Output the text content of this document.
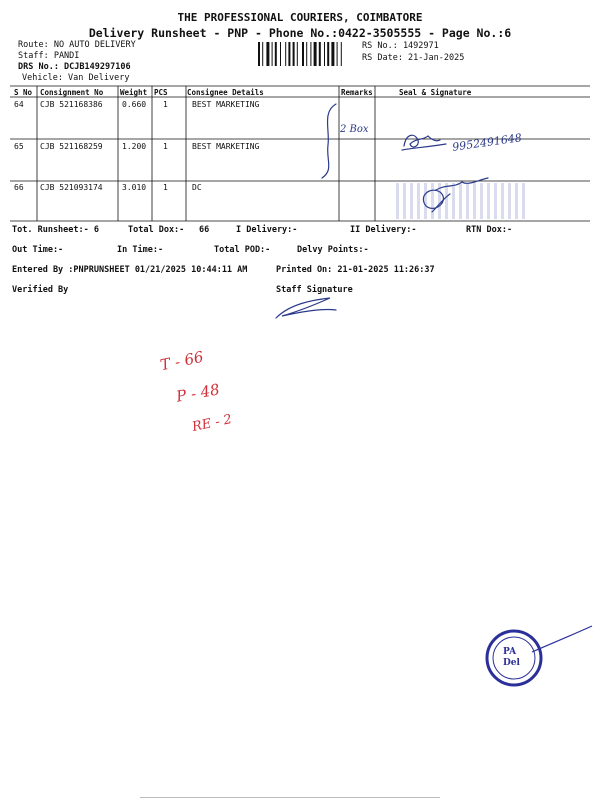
THE PROFESSIONAL COURIERS, COIMBATORE
Delivery Runsheet - PNP - Phone No.:0422-3505555 - Page No.:6
Route: NO AUTO DELIVERY
Staff: PANDI
DRS No.: DCJB149297106
Vehicle: Van Delivery
RS No.: 1492971
RS Date: 21-Jan-2025
S No Consignment No Weight PCS	Consignee Details	Remarks	Seal & Signature
64 CJB 521168386 0.660 1	BEST MARKETING
65 CJB 521168259 1.200 1	BEST MARKETING
66 CJB 521093174 3.010 1	DC
2 Box
9952491648
Tot. Runsheet:- 6	Total Dox:- 66	I Delivery:-	II Delivery:-	RTN Dox:-
Out Time:-	In Time:-	Total POD:-	Delvy Points:-
Entered By :PNPRUNSHEET 01/21/2025 10:44:11 AM	Printed On: 21-01-2025 11:26:37
Verified By	Staff Signature
T - 66
P - 48
RE - 2
PA
Del
